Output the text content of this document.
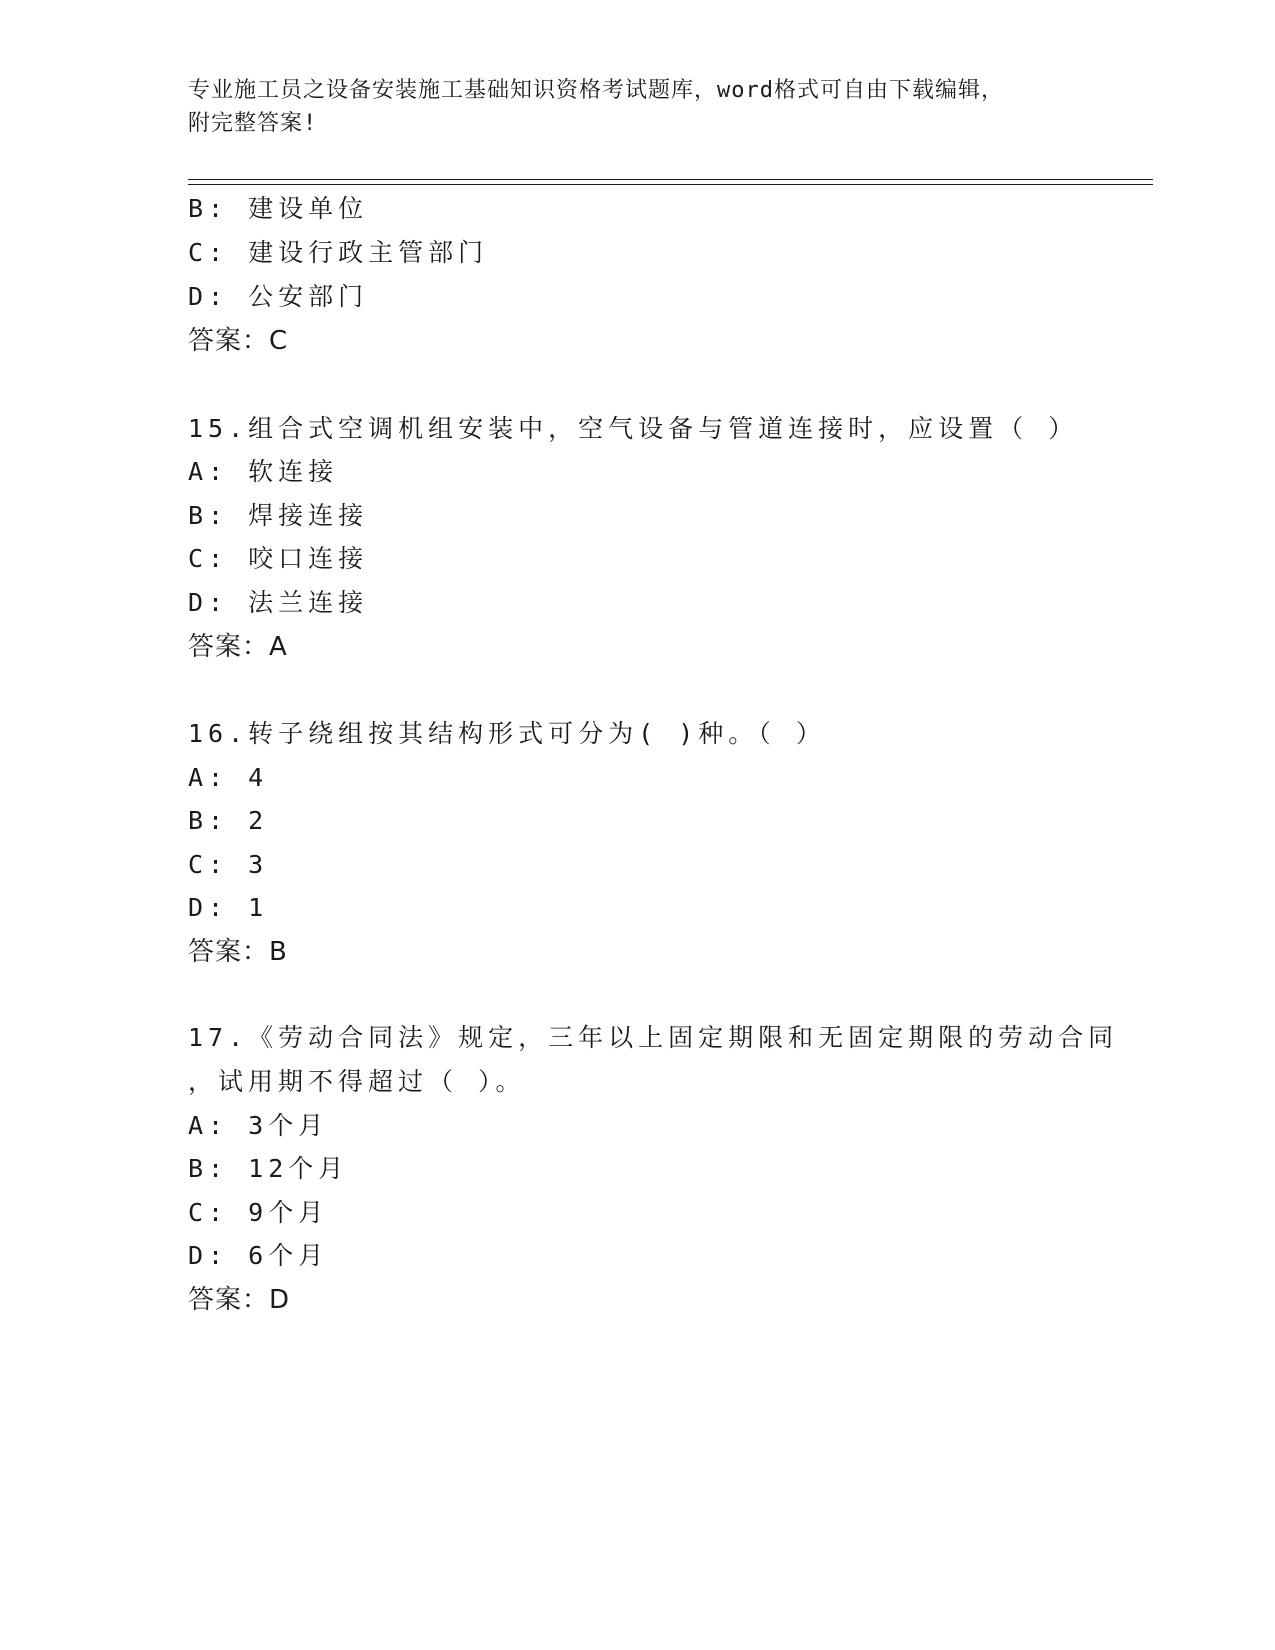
专业施工员之设备安装施工基础知识资格考试题库，word格式可自由下载编辑，
附完整答案!
B: 建设单位
C: 建设行政主管部门
D: 公安部门
答案：C
15.组合式空调机组安装中，空气设备与管道连接时，应设置（ ）
A: 软连接
B: 焊接连接
C: 咬口连接
D: 法兰连接
答案：A
16.转子绕组按其结构形式可分为( )种。（ ）
A: 4
B: 2
C: 3
D: 1
答案：B
17.《劳动合同法》规定，三年以上固定期限和无固定期限的劳动合同
，试用期不得超过（ ）。
A: 3个月
B: 12个月
C: 9个月
D: 6个月
答案：D
